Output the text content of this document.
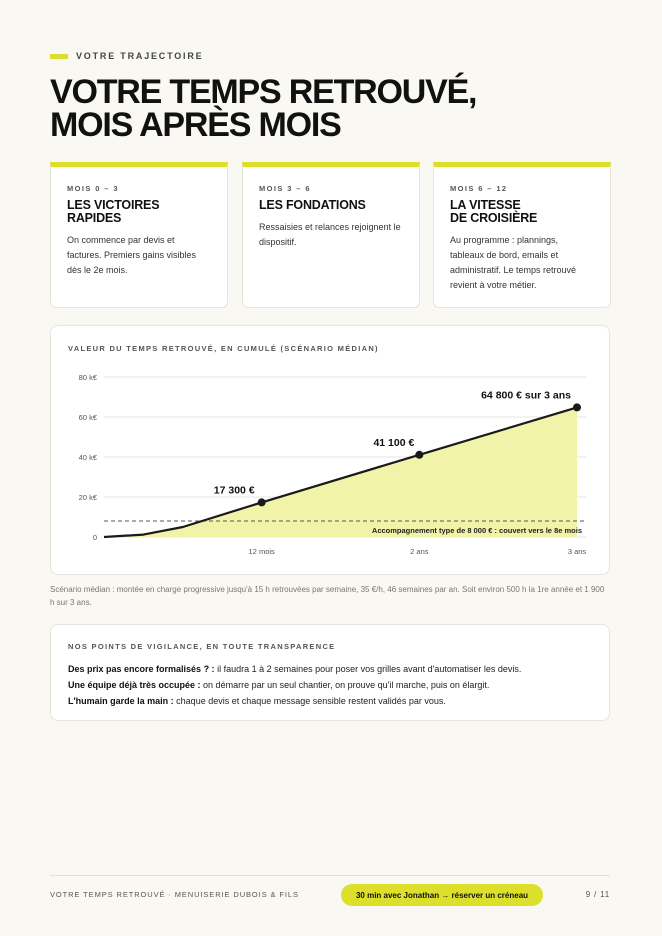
VOTRE TRAJECTOIRE
VOTRE TEMPS RETROUVÉ,
MOIS APRÈS MOIS
MOIS 0 – 3
LES VICTOIRES
RAPIDES
On commence par devis et factures. Premiers gains visibles dès le 2e mois.
MOIS 3 – 6
LES FONDATIONS
Ressaisies et relances rejoignent le dispositif.
MOIS 6 – 12
LA VITESSE
DE CROISIÈRE
Au programme : plannings, tableaux de bord, emails et administratif. Le temps retrouvé revient à votre métier.
VALEUR DU TEMPS RETROUVÉ, EN CUMULÉ (SCÉNARIO MÉDIAN)
0
20 k€
40 k€
60 k€
80 k€
12 mois	2 ans	3 ans
Accompagnement type de 8 000 € : couvert vers le 8e mois
17 300 €
41 100 €
64 800 € sur 3 ans
Scénario médian : montée en charge progressive jusqu'à 15 h retrouvées par semaine, 35 €/h, 46 semaines par an. Soit environ 500 h la 1re année et 1 900 h sur 3 ans.
NOS POINTS DE VIGILANCE, EN TOUTE TRANSPARENCE
Des prix pas encore formalisés ? : il faudra 1 à 2 semaines pour poser vos grilles avant d'automatiser les devis.
Une équipe déjà très occupée : on démarre par un seul chantier, on prouve qu'il marche, puis on élargit.
L'humain garde la main : chaque devis et chaque message sensible restent validés par vous.
VOTRE TEMPS RETROUVÉ · MENUISERIE DUBOIS & FILS	30 min avec Jonathan → réserver un créneau	9 / 11
